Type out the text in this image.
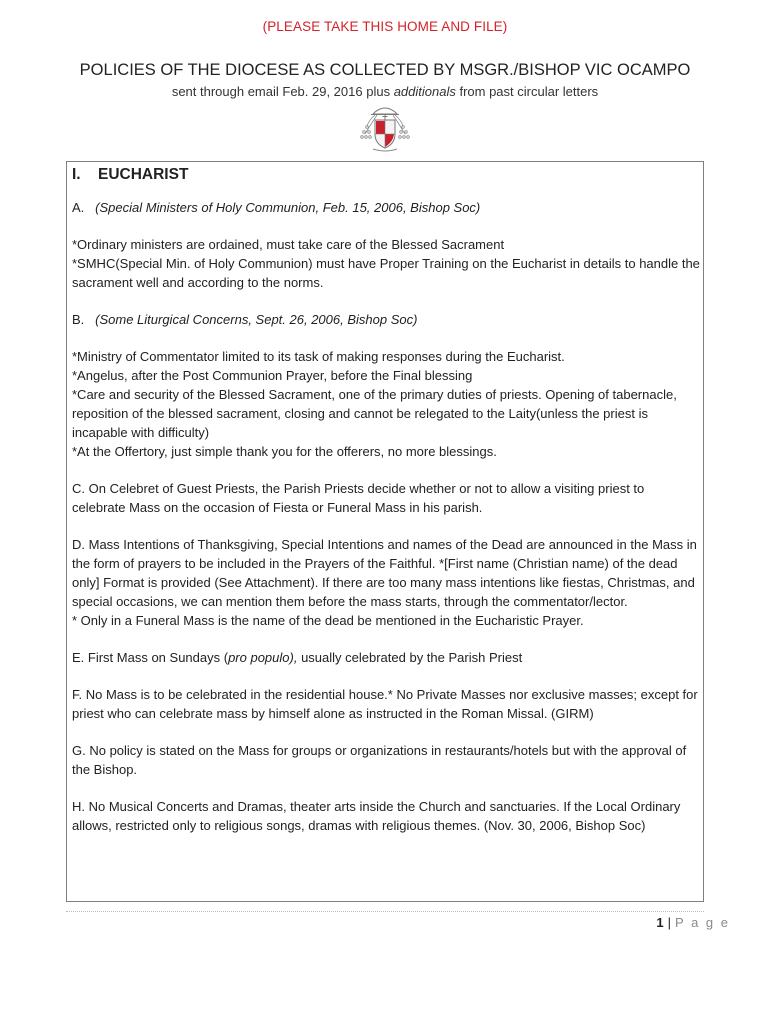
(PLEASE TAKE THIS HOME AND FILE)
POLICIES OF THE DIOCESE AS COLLECTED BY MSGR./BISHOP VIC OCAMPO
sent through email Feb. 29, 2016 plus additionals from past circular letters
I. EUCHARIST

A. (Special Ministers of Holy Communion, Feb. 15, 2006, Bishop Soc)

*Ordinary ministers are ordained, must take care of the Blessed Sacrament
*SMHC(Special Min. of Holy Communion) must have Proper Training on the Eucharist in details to handle the sacrament well and according to the norms.

B. (Some Liturgical Concerns, Sept. 26, 2006, Bishop Soc)

*Ministry of Commentator limited to its task of making responses during the Eucharist.
*Angelus, after the Post Communion Prayer, before the Final blessing
*Care and security of the Blessed Sacrament, one of the primary duties of priests. Opening of tabernacle, reposition of the blessed sacrament, closing and cannot be relegated to the Laity(unless the priest is incapable with difficulty)
*At the Offertory, just simple thank you for the offerers, no more blessings.

C. On Celebret of Guest Priests, the Parish Priests decide whether or not to allow a visiting priest to celebrate Mass on the occasion of Fiesta or Funeral Mass in his parish.

D. Mass Intentions of Thanksgiving, Special Intentions and names of the Dead are announced in the Mass in the form of prayers to be included in the Prayers of the Faithful. *[First name (Christian name) of the dead only] Format is provided (See Attachment). If there are too many mass intentions like fiestas, Christmas, and special occasions, we can mention them before the mass starts, through the commentator/lector.
* Only in a Funeral Mass is the name of the dead be mentioned in the Eucharistic Prayer.

E. First Mass on Sundays (pro populo), usually celebrated by the Parish Priest

F. No Mass is to be celebrated in the residential house.* No Private Masses nor exclusive masses; except for priest who can celebrate mass by himself alone as instructed in the Roman Missal. (GIRM)

G. No policy is stated on the Mass for groups or organizations in restaurants/hotels but with the approval of the Bishop.

H. No Musical Concerts and Dramas, theater arts inside the Church and sanctuaries. If the Local Ordinary allows, restricted only to religious songs, dramas with religious themes. (Nov. 30, 2006, Bishop Soc)

1 | P a g e
